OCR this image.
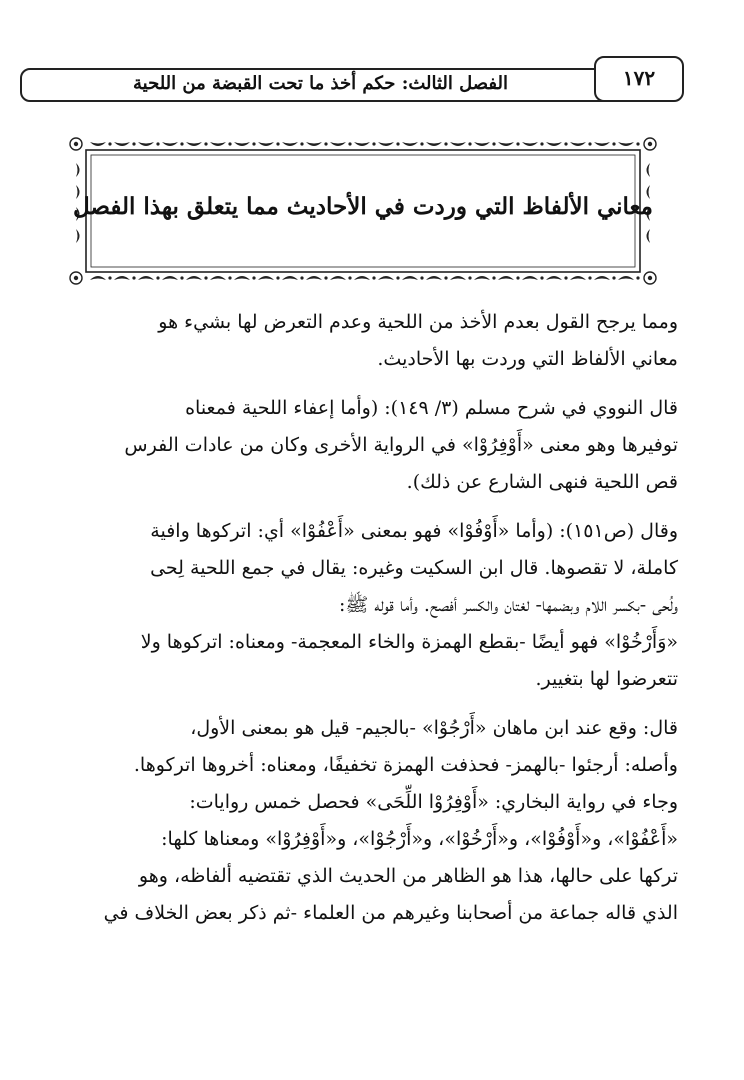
الفصل الثالث: حكم أخذ ما تحت القبضة من اللحية	١٧٢
معاني الألفاظ التي وردت في الأحاديث مما يتعلق بهذا الفصل

ومما يرجح القول بعدم الأخذ من اللحية وعدم التعرض لها بشيء هو
معاني الألفاظ التي وردت بها الأحاديث.

قال النووي في شرح مسلم (٣/ ١٤٩): (وأما إعفاء اللحية فمعناه
توفيرها وهو معنى «أَوْفِرُوْا» في الرواية الأخرى وكان من عادات الفرس
قص اللحية فنهى الشارع عن ذلك).

وقال (ص١٥١): (وأما «أَوْفُوْا» فهو بمعنى «أَعْفُوْا» أي: اتركوها وافية
كاملة، لا تقصوها. قال ابن السكيت وغيره: يقال في جمع اللحية لِحى
ولُحى -بكسر اللام وبضمها- لغتان والكسر أفصح. وأما قوله ﷺ:
«وَأَرْخُوْا» فهو أيضًا -بقطع الهمزة والخاء المعجمة- ومعناه: اتركوها ولا
تتعرضوا لها بتغيير.

قال: وقع عند ابن ماهان «أَرْجُوْا» -بالجيم- قيل هو بمعنى الأول،
وأصله: أرجئوا -بالهمز- فحذفت الهمزة تخفيفًا، ومعناه: أخروها اتركوها.
وجاء في رواية البخاري: «أَوْفِرُوْا اللِّحَى» فحصل خمس روايات:
«أَعْفُوْا»، و«أَوْفُوْا»، و«أَرْخُوْا»، و«أَرْجُوْا»، و«أَوْفِرُوْا» ومعناها كلها:
تركها على حالها، هذا هو الظاهر من الحديث الذي تقتضيه ألفاظه، وهو
الذي قاله جماعة من أصحابنا وغيرهم من العلماء -ثم ذكر بعض الخلاف في
